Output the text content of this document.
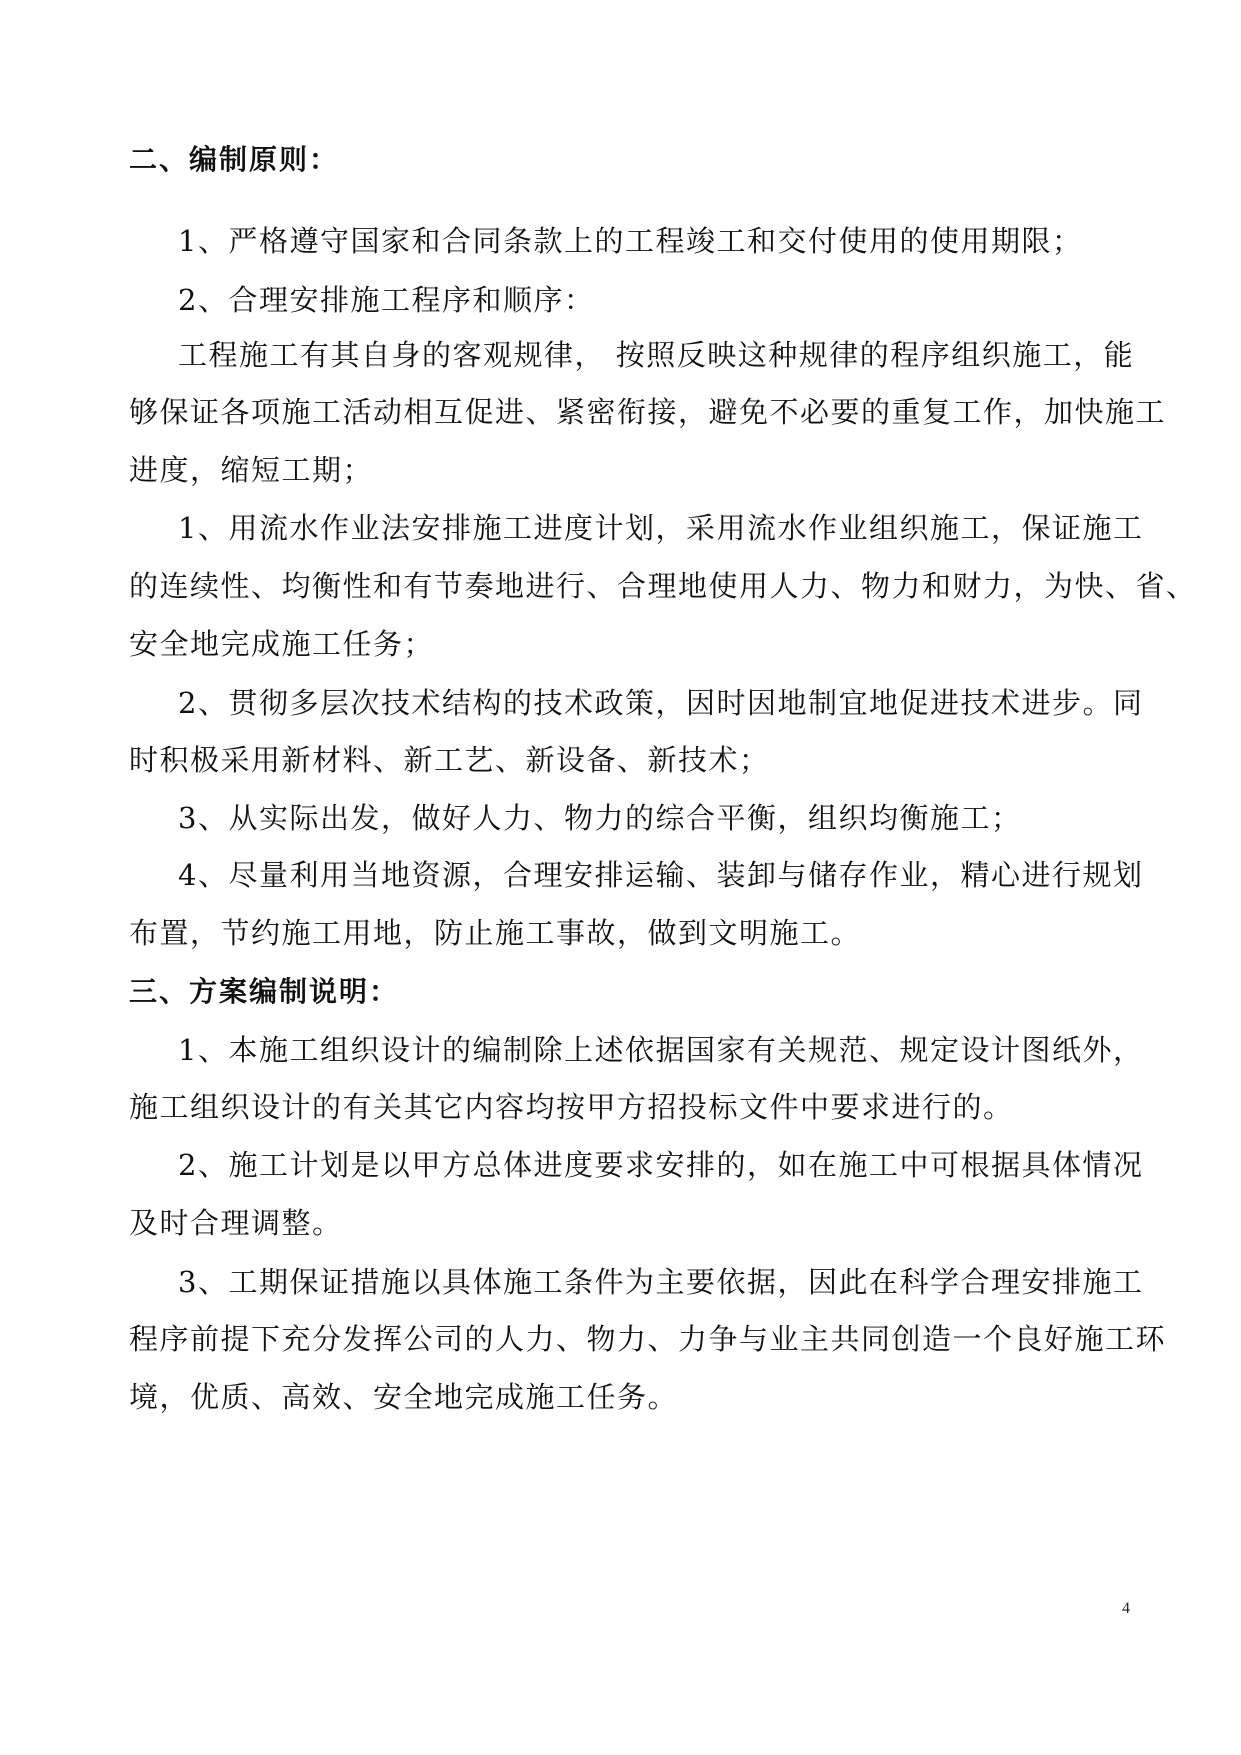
二、编制原则：
1、严格遵守国家和合同条款上的工程竣工和交付使用的使用期限；
2、合理安排施工程序和顺序：
工程施工有其自身的客观规律， 按照反映这种规律的程序组织施工，能
够保证各项施工活动相互促进、紧密衔接，避免不必要的重复工作，加快施工
进度，缩短工期；
1、用流水作业法安排施工进度计划，采用流水作业组织施工，保证施工
的连续性、均衡性和有节奏地进行、合理地使用人力、物力和财力，为快、省、
安全地完成施工任务；
2、贯彻多层次技术结构的技术政策，因时因地制宜地促进技术进步。同
时积极采用新材料、新工艺、新设备、新技术；
3、从实际出发，做好人力、物力的综合平衡，组织均衡施工；
4、尽量利用当地资源，合理安排运输、装卸与储存作业，精心进行规划
布置，节约施工用地，防止施工事故，做到文明施工。
三、方案编制说明：
1、本施工组织设计的编制除上述依据国家有关规范、规定设计图纸外，
施工组织设计的有关其它内容均按甲方招投标文件中要求进行的。
2、施工计划是以甲方总体进度要求安排的，如在施工中可根据具体情况
及时合理调整。
3、工期保证措施以具体施工条件为主要依据，因此在科学合理安排施工
程序前提下充分发挥公司的人力、物力、力争与业主共同创造一个良好施工环
境，优质、高效、安全地完成施工任务。
4
